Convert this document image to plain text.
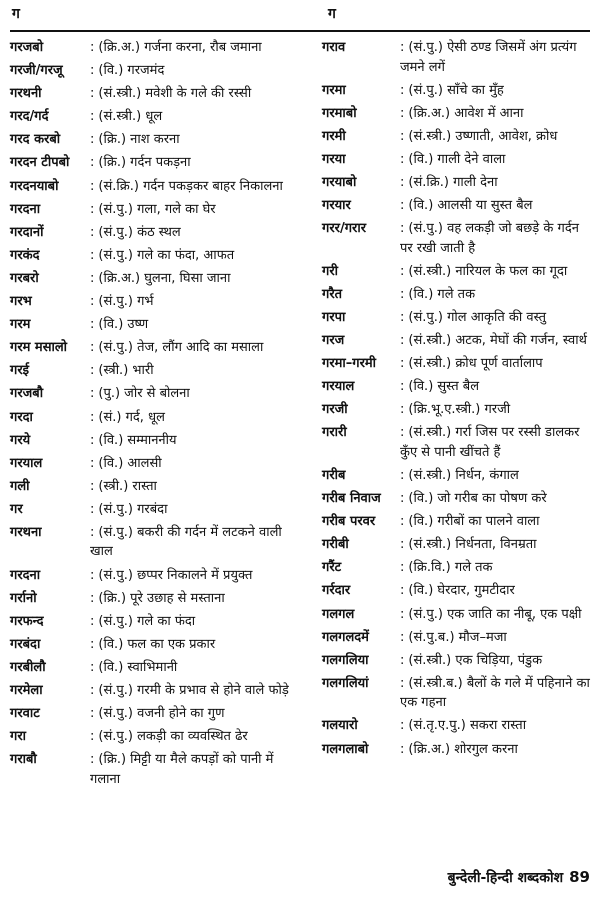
ग	ग
गरजबो	: (क्रि.अ.) गर्जना करना, रौब जमाना
गरजी/गरजू	: (वि.) गरजमंद
गरथनी	: (सं.स्त्री.) मवेशी के गले की रस्सी
गरद/गर्द	: (सं.स्त्री.) धूल
गरद करबो	: (क्रि.) नाश करना
गरदन टीपबो	: (क्रि.) गर्दन पकड़ना
गरदनयाबो	: (सं.क्रि.) गर्दन पकड़कर बाहर निकालना
गरदना	: (सं.पु.) गला, गले का घेर
गरदानों	: (सं.पु.) कंठ स्थल
गरकंद	: (सं.पु.) गले का फंदा, आफत
गरबरो	: (क्रि.अ.) घुलना, घिसा जाना
गरभ	: (सं.पु.) गर्भ
गरम	: (वि.) उष्ण
गरम मसालो	: (सं.पु.) तेज, लौंग आदि का मसाला
गरई	: (स्त्री.) भारी
गरजबौ	: (पु.) जोर से बोलना
गरदा	: (सं.) गर्द, धूल
गरये	: (वि.) सम्माननीय
गरयाल	: (वि.) आलसी
गली	: (स्त्री.) रास्ता
गर	: (सं.पु.) गरबंदा
गरथना	: (सं.पु.) बकरी की गर्दन में लटकने वाली खाल
गरदना	: (सं.पु.) छप्पर निकालने में प्रयुक्त
गर्रानो	: (क्रि.) पूरे उछाह से मस्ताना
गरफन्द	: (सं.पु.) गले का फंदा
गरबंदा	: (वि.) फल का एक प्रकार
गरबीलौ	: (वि.) स्वाभिमानी
गरमेला	: (सं.पु.) गरमी के प्रभाव से होने वाले फोड़े
गरवाट	: (सं.पु.) वजनी होने का गुण
गरा	: (सं.पु.) लकड़ी का व्यवस्थित ढेर
गराबौ	: (क्रि.) मिट्टी या मैले कपड़ों को पानी में गलाना
गराव	: (सं.पु.) ऐसी ठण्ड जिसमें अंग प्रत्यंग जमने लगें
गरमा	: (सं.पु.) साँचे का मुँह
गरमाबो	: (क्रि.अ.) आवेश में आना
गरमी	: (सं.स्त्री.) उष्णाती, आवेश, क्रोध
गरया	: (वि.) गाली देने वाला
गरयाबो	: (सं.क्रि.) गाली देना
गरयार	: (वि.) आलसी या सुस्त बैल
गरर/गरार	: (सं.पु.) वह लकड़ी जो बछड़े के गर्दन पर रखी जाती है
गरी	: (सं.स्त्री.) नारियल के फल का गूदा
गरैत	: (वि.) गले तक
गरपा	: (सं.पु.) गोल आकृति की वस्तु
गरज	: (सं.स्त्री.) अटक, मेघों की गर्जन, स्वार्थ
गरमा–गरमी	: (सं.स्त्री.) क्रोध पूर्ण वार्तालाप
गरयाल	: (वि.) सुस्त बैल
गरजी	: (क्रि.भू.ए.स्त्री.) गरजी
गरारी	: (सं.स्त्री.) गर्रा जिस पर रस्सी डालकर कुँए से पानी खींचते हैं
गरीब	: (सं.स्त्री.) निर्धन, कंगाल
गरीब निवाज	: (वि.) जो गरीब का पोषण करे
गरीब परवर	: (वि.) गरीबों का पालने वाला
गरीबी	: (सं.स्त्री.) निर्धनता, विनम्रता
गरैंट	: (क्रि.वि.) गले तक
गर्रदार	: (वि.) घेरदार, गुमटीदार
गलगल	: (सं.पु.) एक जाति का नीबू, एक पक्षी
गलगलदमें	: (सं.पु.ब.) मौज–मजा
गलगलिया	: (सं.स्त्री.) एक चिड़िया, पंडुक
गलगलियां	: (सं.स्त्री.ब.) बैलों के गले में पहिनाने का एक गहना
गलयारो	: (सं.तृ.ए.पु.) सकरा रास्ता
गलगलाबो	: (क्रि.अ.) शोरगुल करना
बुन्देली-हिन्दी शब्दकोश 89
